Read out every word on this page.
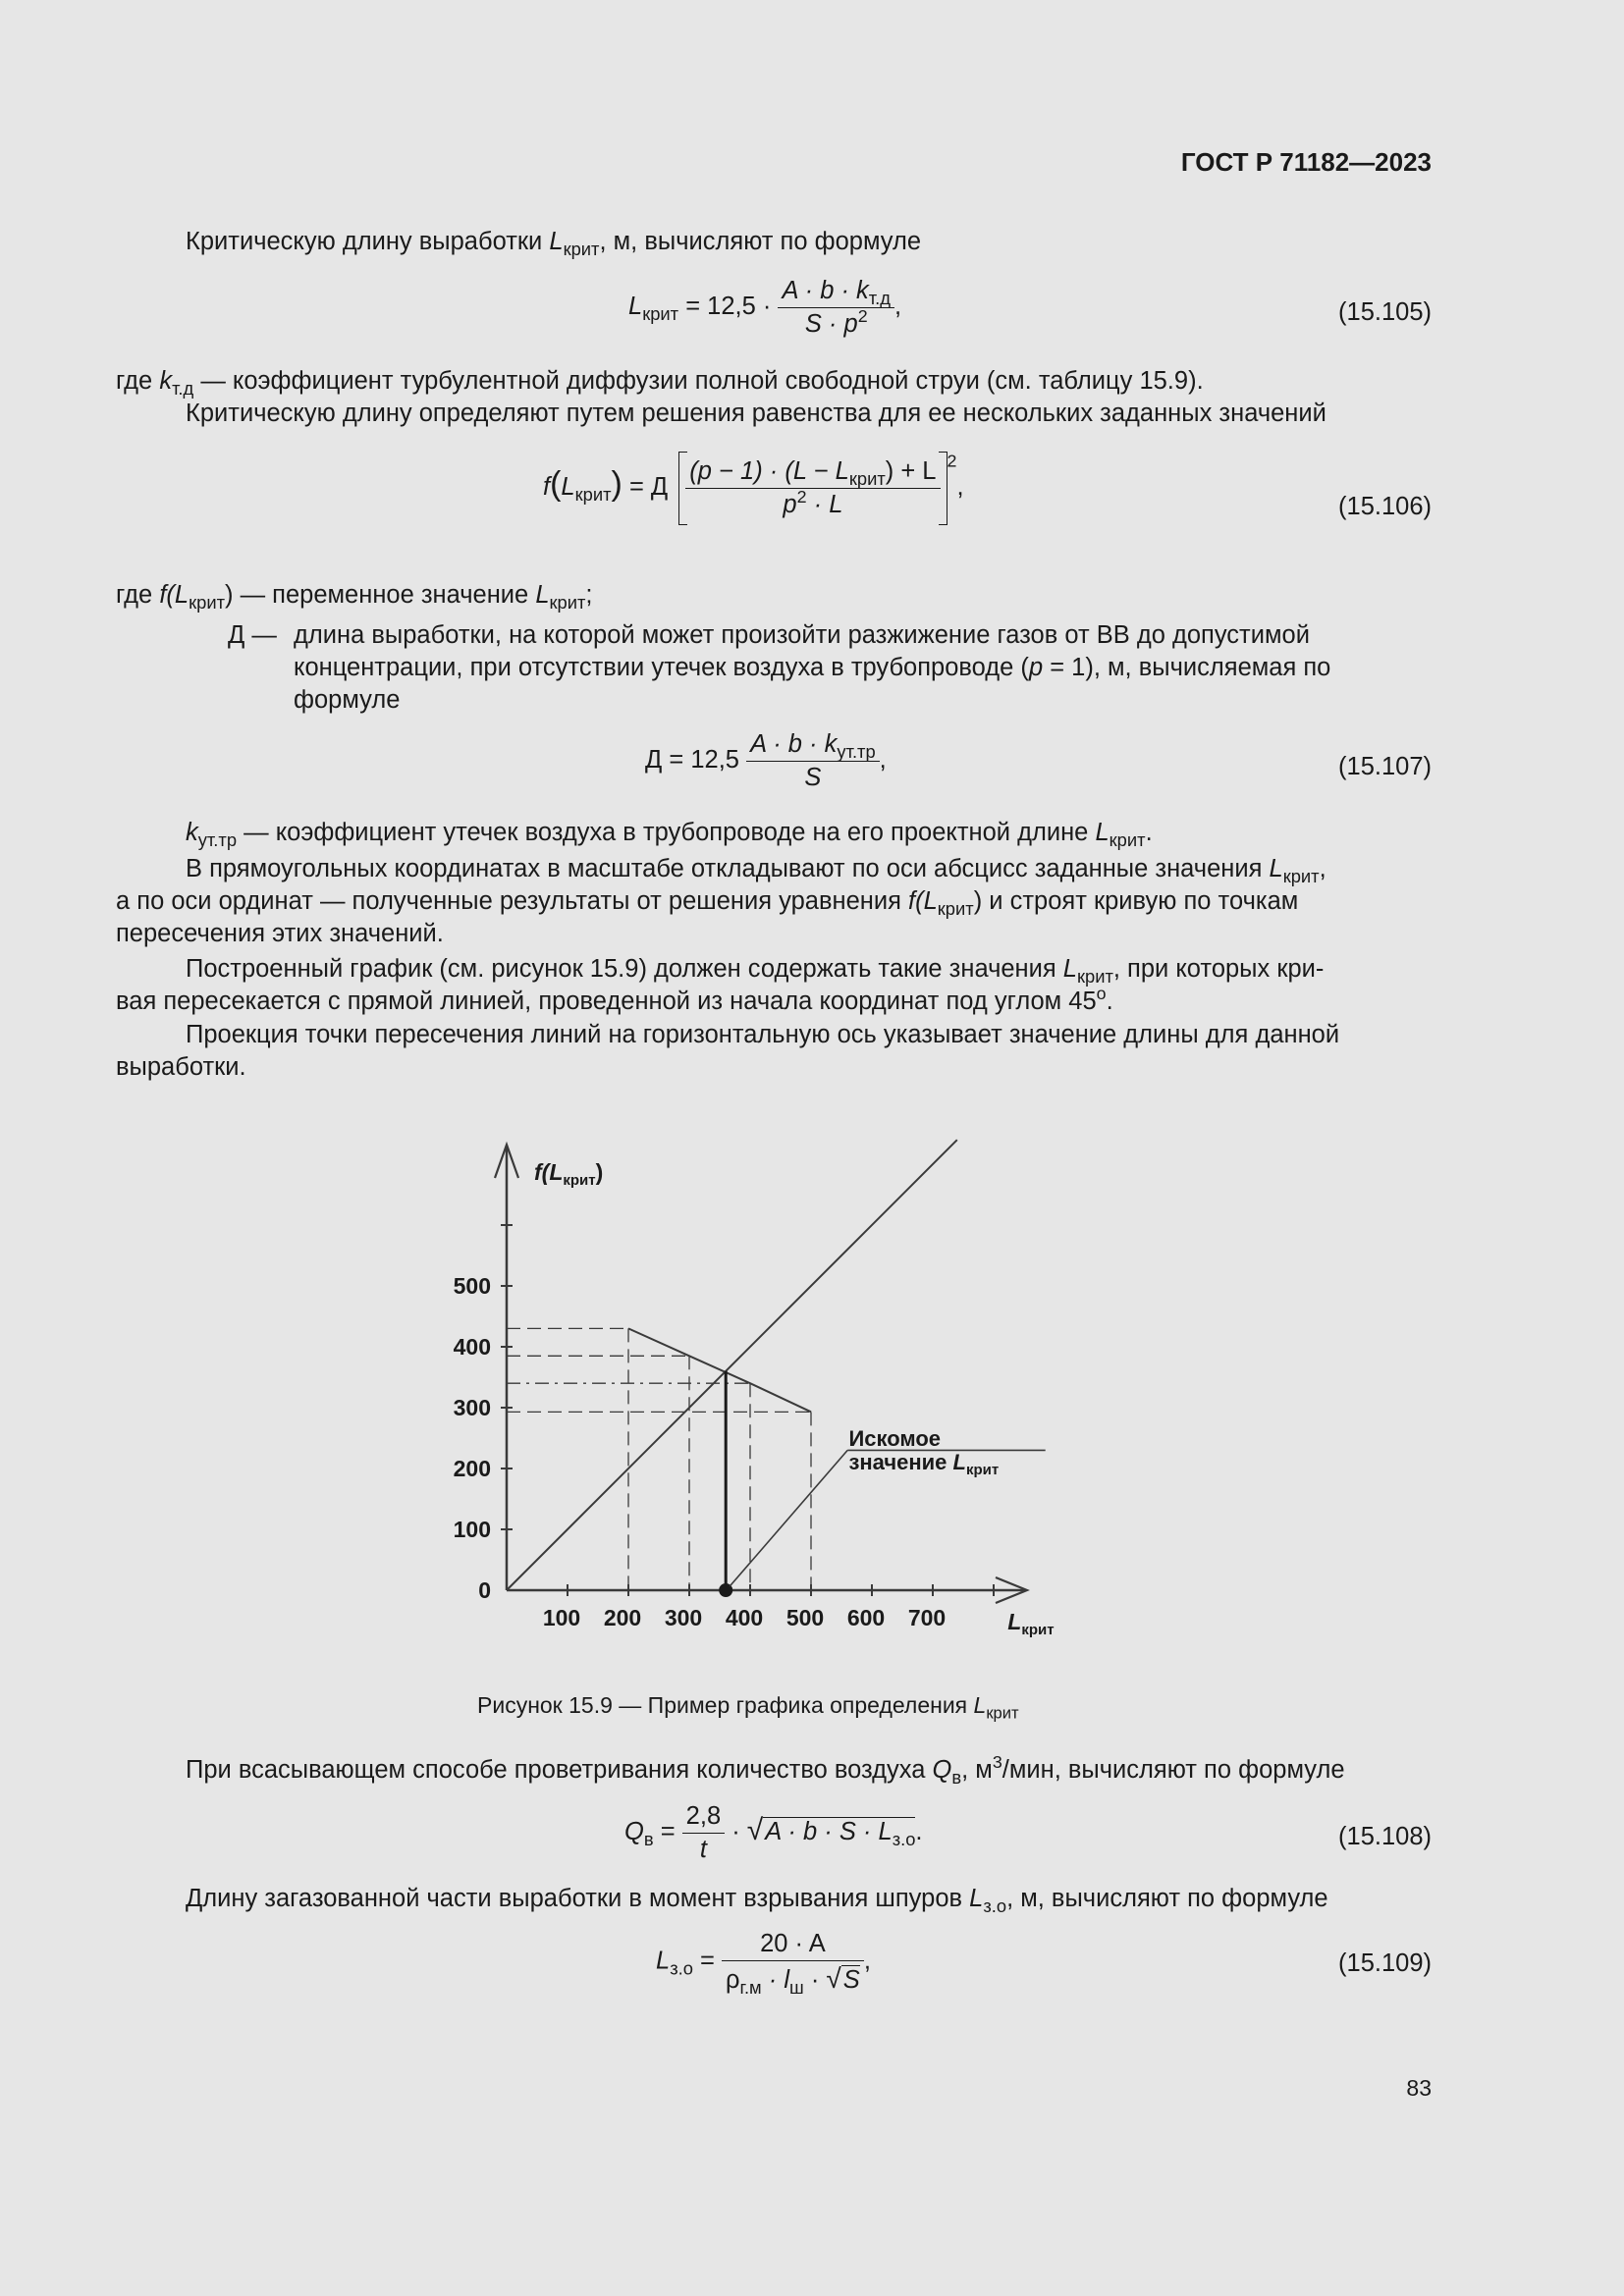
ГОСТ Р 71182—2023
Критическую длину выработки $L_{крит}$, м, вычисляют по формуле
$L_{крит} = 12,5 \cdot \frac{A \cdot b \cdot k_{т.д}}{S \cdot p^2}$ ,	(15.105)
где $k_{т.д}$ — коэффициент турбулентной диффузии полной свободной струи (см. таблицу 15.9).
Критическую длину определяют путем решения равенства для ее нескольких заданных значений
$f(L_{крит}) = Д \frac{(p - 1) \cdot (L - L_{крит}) + L}{p^2 \cdot L} ^2$,
(15.106)
где $f(L_{крит})$ — переменное значение $L_{крит}$;
Д — длина выработки, на которой может произойти разжижение газов от ВВ до допустимой
концентрации, при отсутствии утечек воздуха в трубопроводе (p = 1), м, вычисляемая по
формуле
$Д = 12,5 \frac{A \cdot b \cdot k_{ут.тр}}{S}$ ,	(15.107)
$k_{ут.тр}$ — коэффициент утечек воздуха в трубопроводе на его проектной длине $L_{крит}$.
В прямоугольных координатах в масштабе откладывают по оси абсцисс заданные значения $L_{крит}$,
а по оси ординат — полученные результаты от решения уравнения $f(L_{крит})$ и строят кривую по точкам
пересечения этих значений.
Построенный график (см. рисунок 15.9) должен содержать такие значения $L_{крит}$, при которых кри-
вая пересекается с прямой линией, проведенной из начала координат под углом $45^о$.
Проекция точки пересечения линий на горизонтальную ось указывает значение длины для данной
выработки.
100 200 300 400 500 600 700
0
100
200
300
400
500
Искомое
значение $L_{крит}$
$f(L_{крит})$
$L_{крит}$
Рисунок 15.9 — Пример графика определения $L_{крит}$
При всасывающем способе проветривания количество воздуха $Q_в$, $м^3$/мин, вычисляют по формуле
$Q_в = \frac{2,8}{t} \cdot √A \cdot b \cdot S \cdot L_{з.о}$.	(15.108)
Длину загазованной части выработки в момент взрывания шпуров $L_{з.о}$, м, вычисляют по формуле
$L_{з.о} = \frac{20 \cdot A}{\rho_{г.м} \cdot l_ш \cdot √S}$ ,	(15.109)
83
